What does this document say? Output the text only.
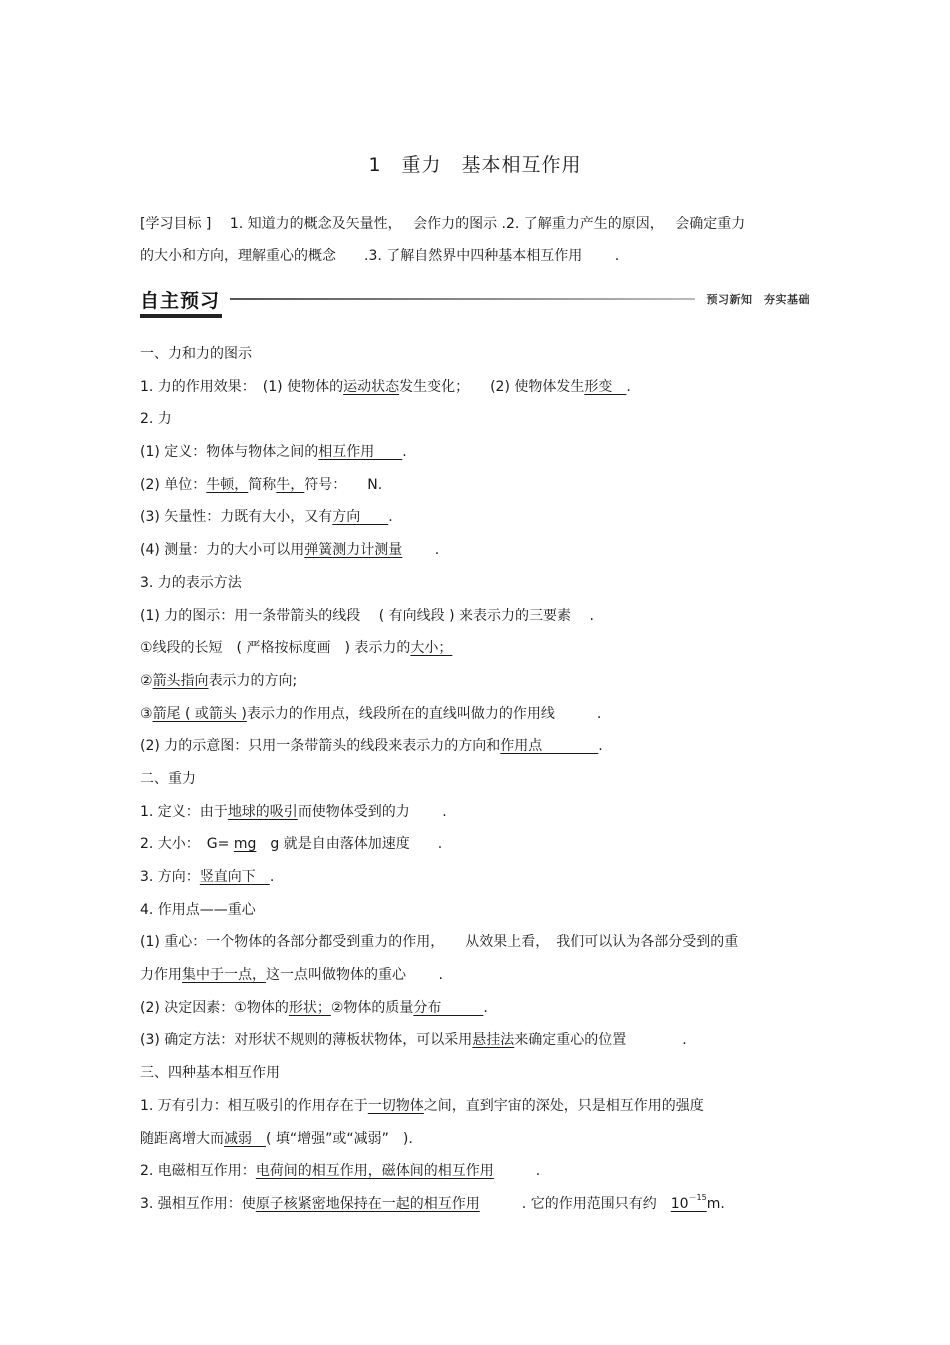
1　重力　基本相互作用
[学习目标 ]　 1. 知道力的概念及矢量性，　 会作力的图示 .2. 了解重力产生的原因，　 会确定重力
的大小和方向，理解重心的概念　　.3. 了解自然界中四种基本相互作用　　 .
自主预习	预习新知　夯实基础
一、力和力的图示
1. 力的作用效果：　(1) 使物体的运动状态发生变化；　　(2) 使物体发生形变　.
2. 力
(1) 定义：物体与物体之间的相互作用　　.
(2) 单位：牛顿，简称牛，符号：　　N.
(3) 矢量性：力既有大小，又有方向　　.
(4) 测量：力的大小可以用弹簧测力计测量　　 .
3. 力的表示方法
(1) 力的图示：用一条带箭头的线段　 ( 有向线段 ) 来表示力的三要素　 .
①线段的长短　( 严格按标度画　) 表示力的大小；
②箭头指向表示力的方向;
③箭尾 ( 或箭头 )表示力的作用点，线段所在的直线叫做力的作用线　　　.
(2) 力的示意图：只用一条带箭头的线段来表示力的方向和作用点　　　　.
二、重力
1. 定义：由于地球的吸引而使物体受到的力　　 .
2. 大小：　G= mg　g 就是自由落体加速度　　.
3. 方向：竖直向下　.
4. 作用点——重心
(1) 重心：一个物体的各部分都受到重力的作用，　　从效果上看，　我们可以认为各部分受到的重
力作用集中于一点，这一点叫做物体的重心　　 .
(2) 决定因素：①物体的形状；②物体的质量分布　　　.
(3) 确定方法：对形状不规则的薄板状物体，可以采用悬挂法来确定重心的位置　　　　.
三、四种基本相互作用
1. 万有引力：相互吸引的作用存在于一切物体之间，直到宇宙的深处，只是相互作用的强度
随距离增大而减弱　( 填“增强”或“减弱”　).
2. 电磁相互作用：电荷间的相互作用，磁体间的相互作用　　　.
3. 强相互作用：使原子核紧密地保持在一起的相互作用　　　. 它的作用范围只有约　$10^{-15}m$.
